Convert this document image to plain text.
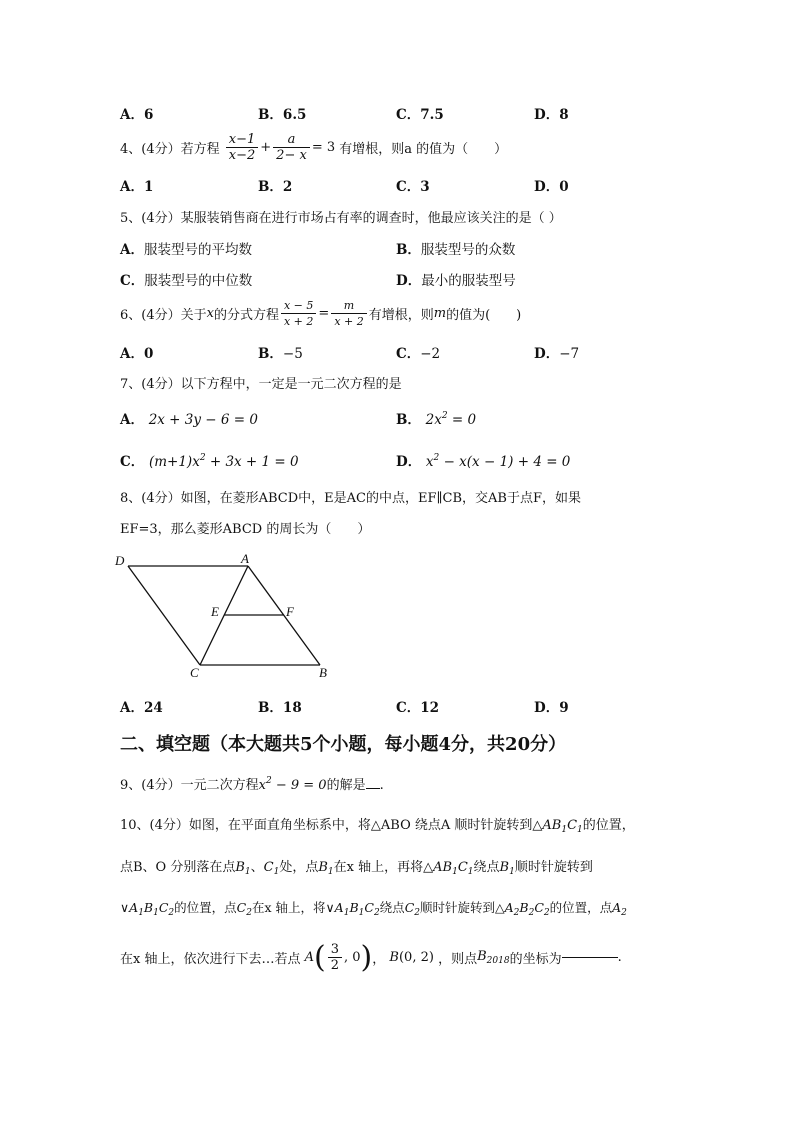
A．6	B．6.5	C．7.5	D．8
4、(4分）若方程 $\frac{x-1}{x-2} + \frac{a}{2- x} = 3$ 有增根，则a 的值为（　　）
A．1	B．2	C．3	D．0
5、(4分）某服装销售商在进行市场占有率的调查时，他最应该关注的是（ ）
A．服装型号的平均数	B．服装型号的众数
C．服装型号的中位数	D．最小的服装型号
6、(4分）关于x的分式方程 $\frac{x - 5}{x + 2} = \frac{m}{x + 2}$ 有增根，则m的值为(　　)
A．0	B．−5	C．−2	D．−7
7、(4分）以下方程中，一定是一元二次方程的是
A． 2x + 3y − 6 = 0	B． $2x^2 = 0$
C． $(m+1)x^2 + 3x + 1 = 0$	D． $x^2 - x(x - 1) + 4 = 0$
8、(4分）如图，在菱形ABCD中，E是AC的中点，EF∥CB，交AB于点F，如果
EF=3，那么菱形ABCD 的周长为（　　）
D	A
E	F
C	B
A．24	B．18	C．12	D．9
二、填空题（本大题共5个小题，每小题4分，共20分）
9、(4分）一元二次方程$x^2 - 9 = 0$的解是 .
10、(4分）如图，在平面直角坐标系中，将△ABO 绕点A 顺时针旋转到$\triangle AB_1C_1$的位置，
点B、O 分别落在点$B_1$、$C_1$处，点$B_1$在x 轴上，再将$\triangle AB_1C_1$绕点$B_1$顺时针旋转到
$\vee A_1B_1C_2$的位置，点$C_2$在x 轴上，将$\vee A_1B_1C_2$绕点$C_2$顺时针旋转到$\triangle A_2B_2C_2$的位置，点$A_2$
在x 轴上，依次进行下去…若点 $A( \frac{3}{2}$ , 0)， B(0, 2) ，则点$B_{2018}$的坐标为	.
